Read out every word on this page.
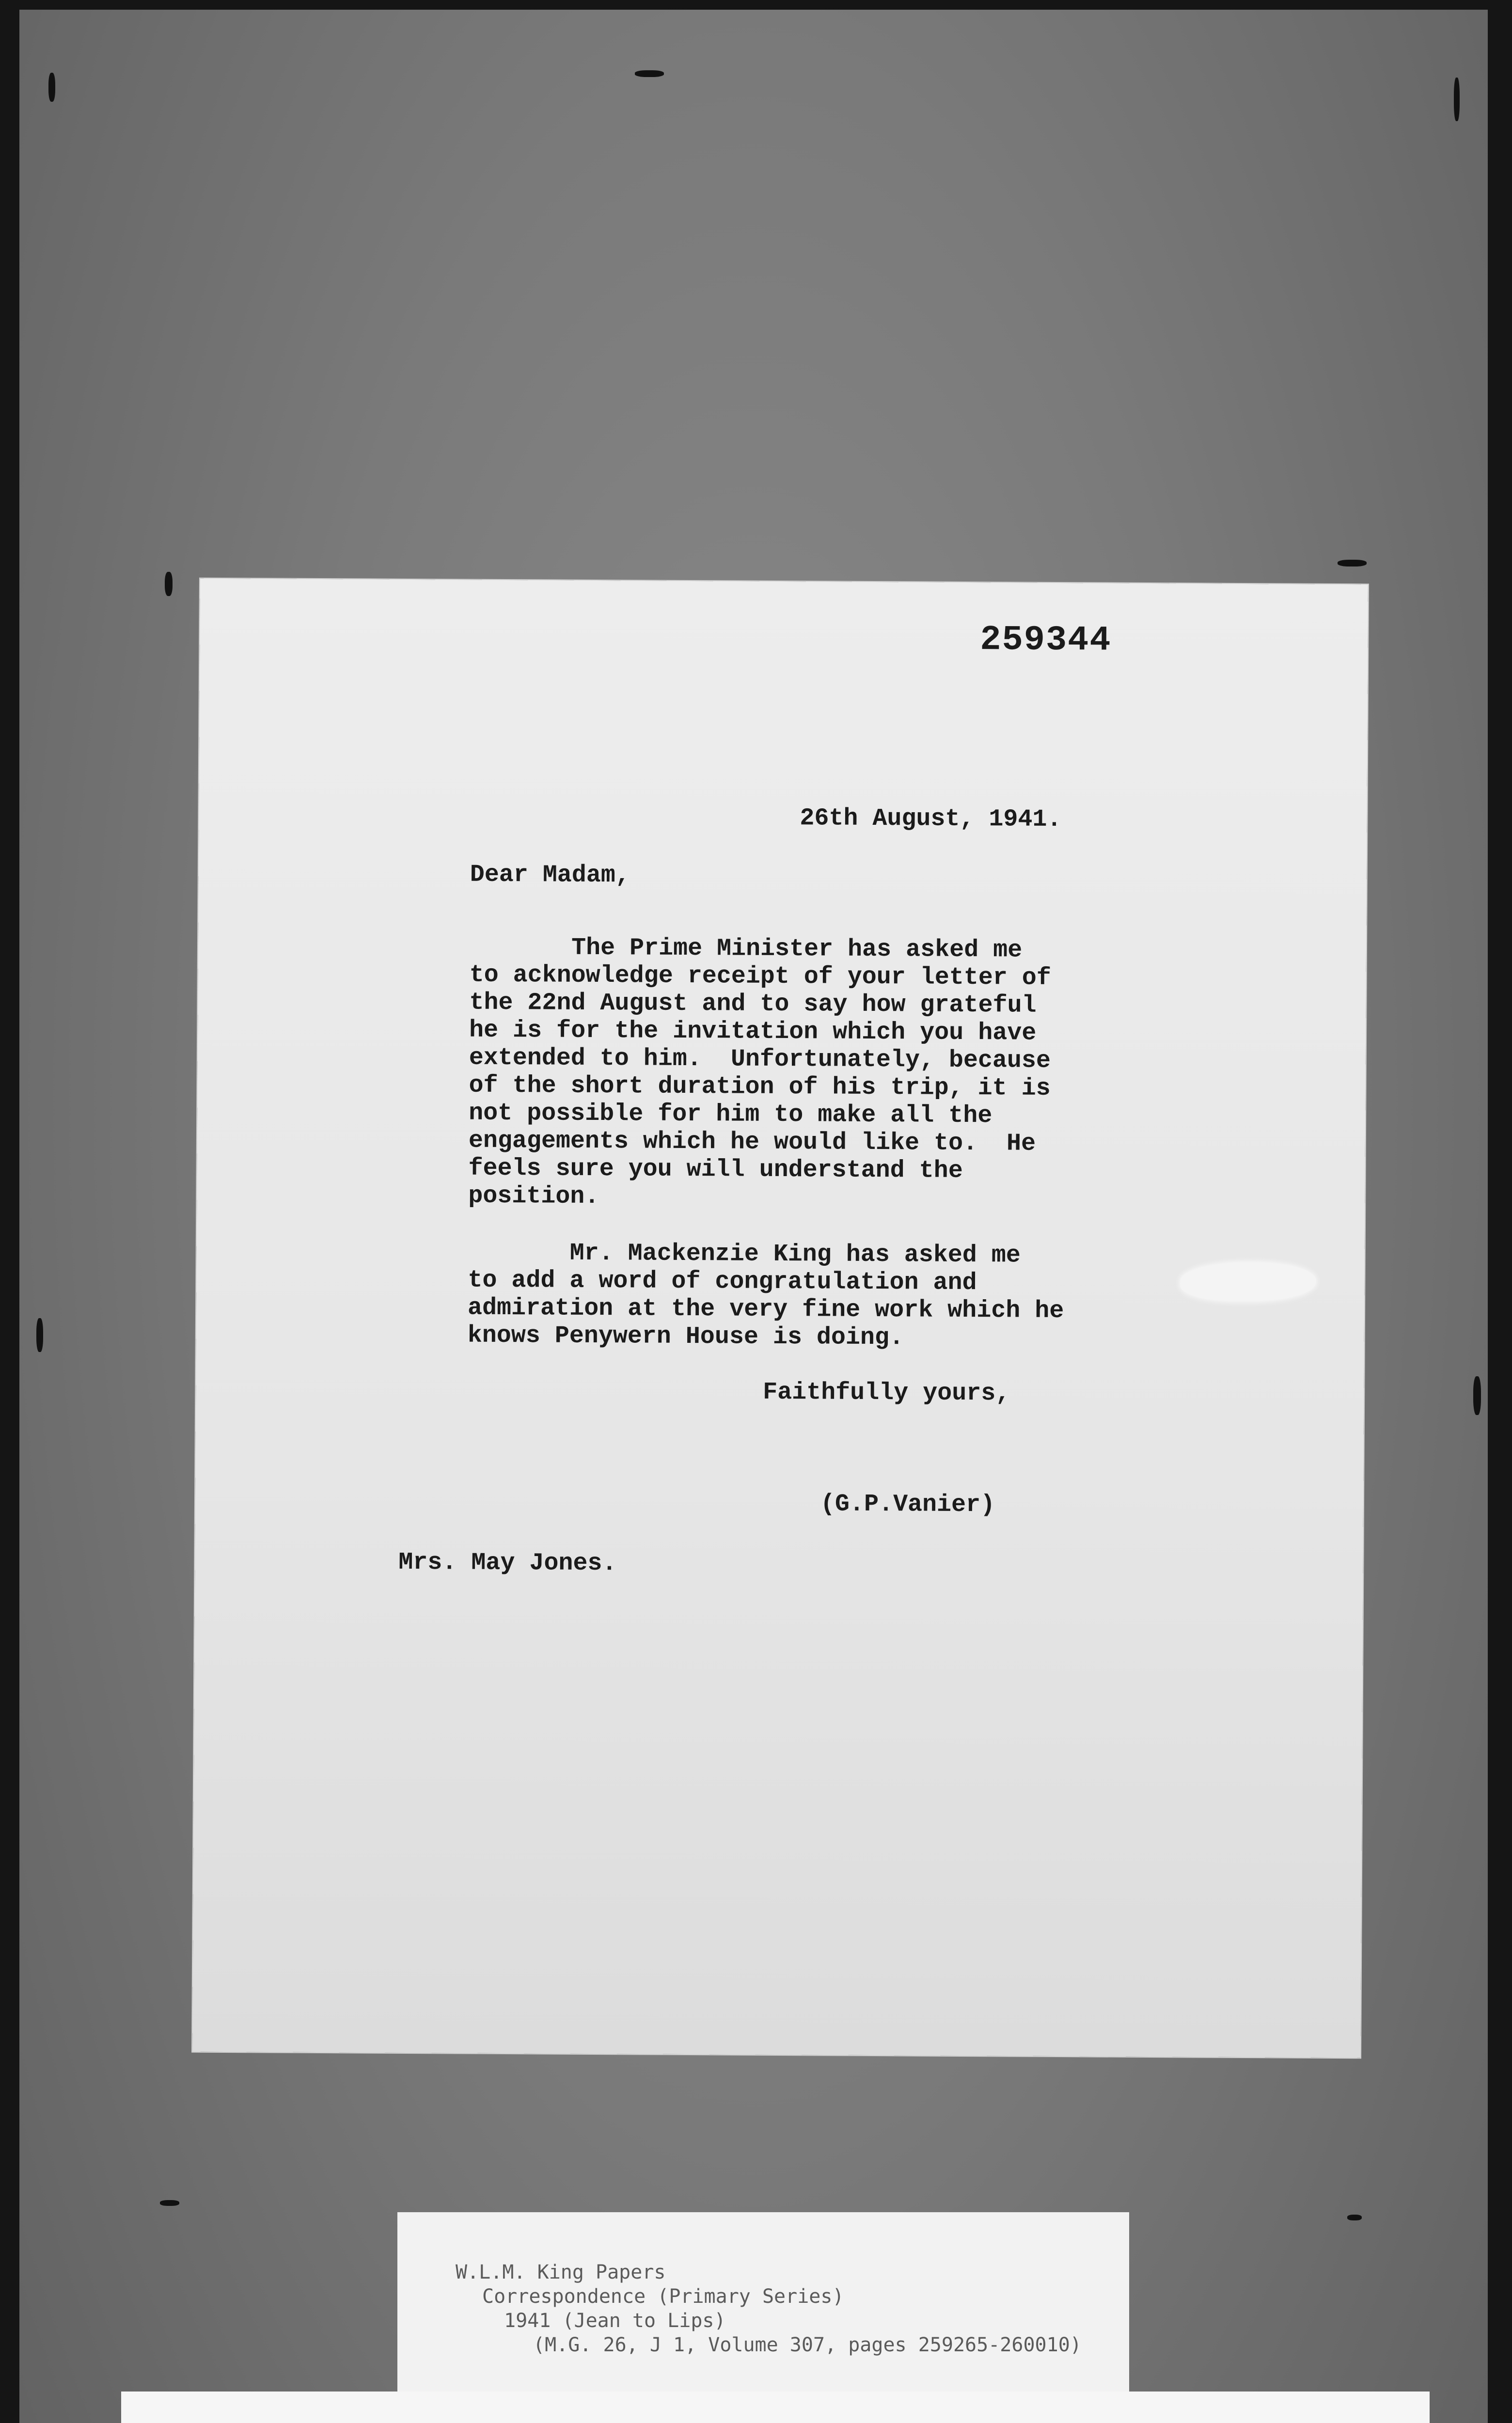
259344
26th August, 1941.
Dear Madam,
The Prime Minister has asked me
to acknowledge receipt of your letter of
the 22nd August and to say how grateful
he is for the invitation which you have
extended to him.  Unfortunately, because
of the short duration of his trip, it is
not possible for him to make all the
engagements which he would like to.  He
feels sure you will understand the
position.
Mr. Mackenzie King has asked me
to add a word of congratulation and
admiration at the very fine work which he
knows Penywern House is doing.
Faithfully yours,
(G.P.Vanier)
Mrs. May Jones.
W.L.M. King Papers
Correspondence (Primary Series)
1941 (Jean to Lips)
(M.G. 26, J 1, Volume 307, pages 259265-260010)
